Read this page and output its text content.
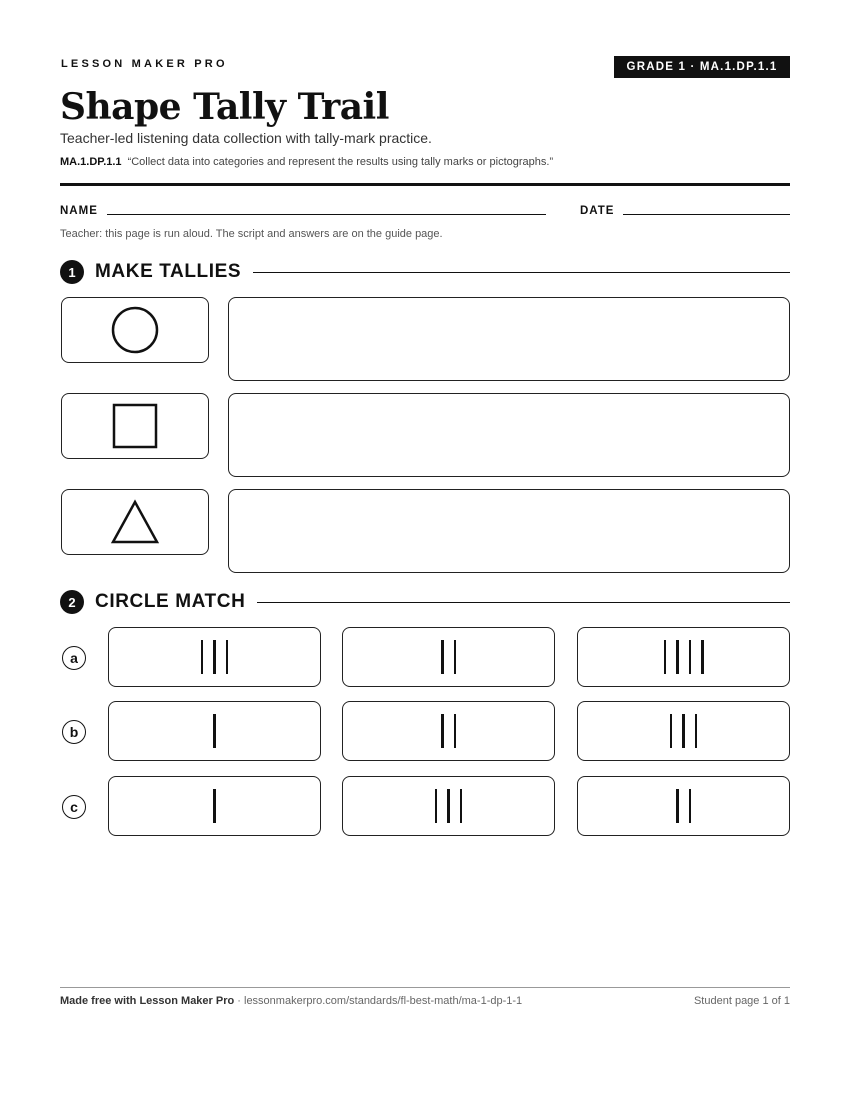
LESSON MAKER PRO	GRADE 1 · MA.1.DP.1.1
Shape Tally Trail
Teacher-led listening data collection with tally-mark practice.
MA.1.DP.1.1 “Collect data into categories and represent the results using tally marks or pictographs.”
NAME	DATE
Teacher: this page is run aloud. The script and answers are on the guide page.
1	MAKE TALLIES
2	CIRCLE MATCH
a
b
c
Made free with Lesson Maker Pro · lessonmakerpro.com/standards/fl-best-math/ma-1-dp-1-1	Student page 1 of 1
